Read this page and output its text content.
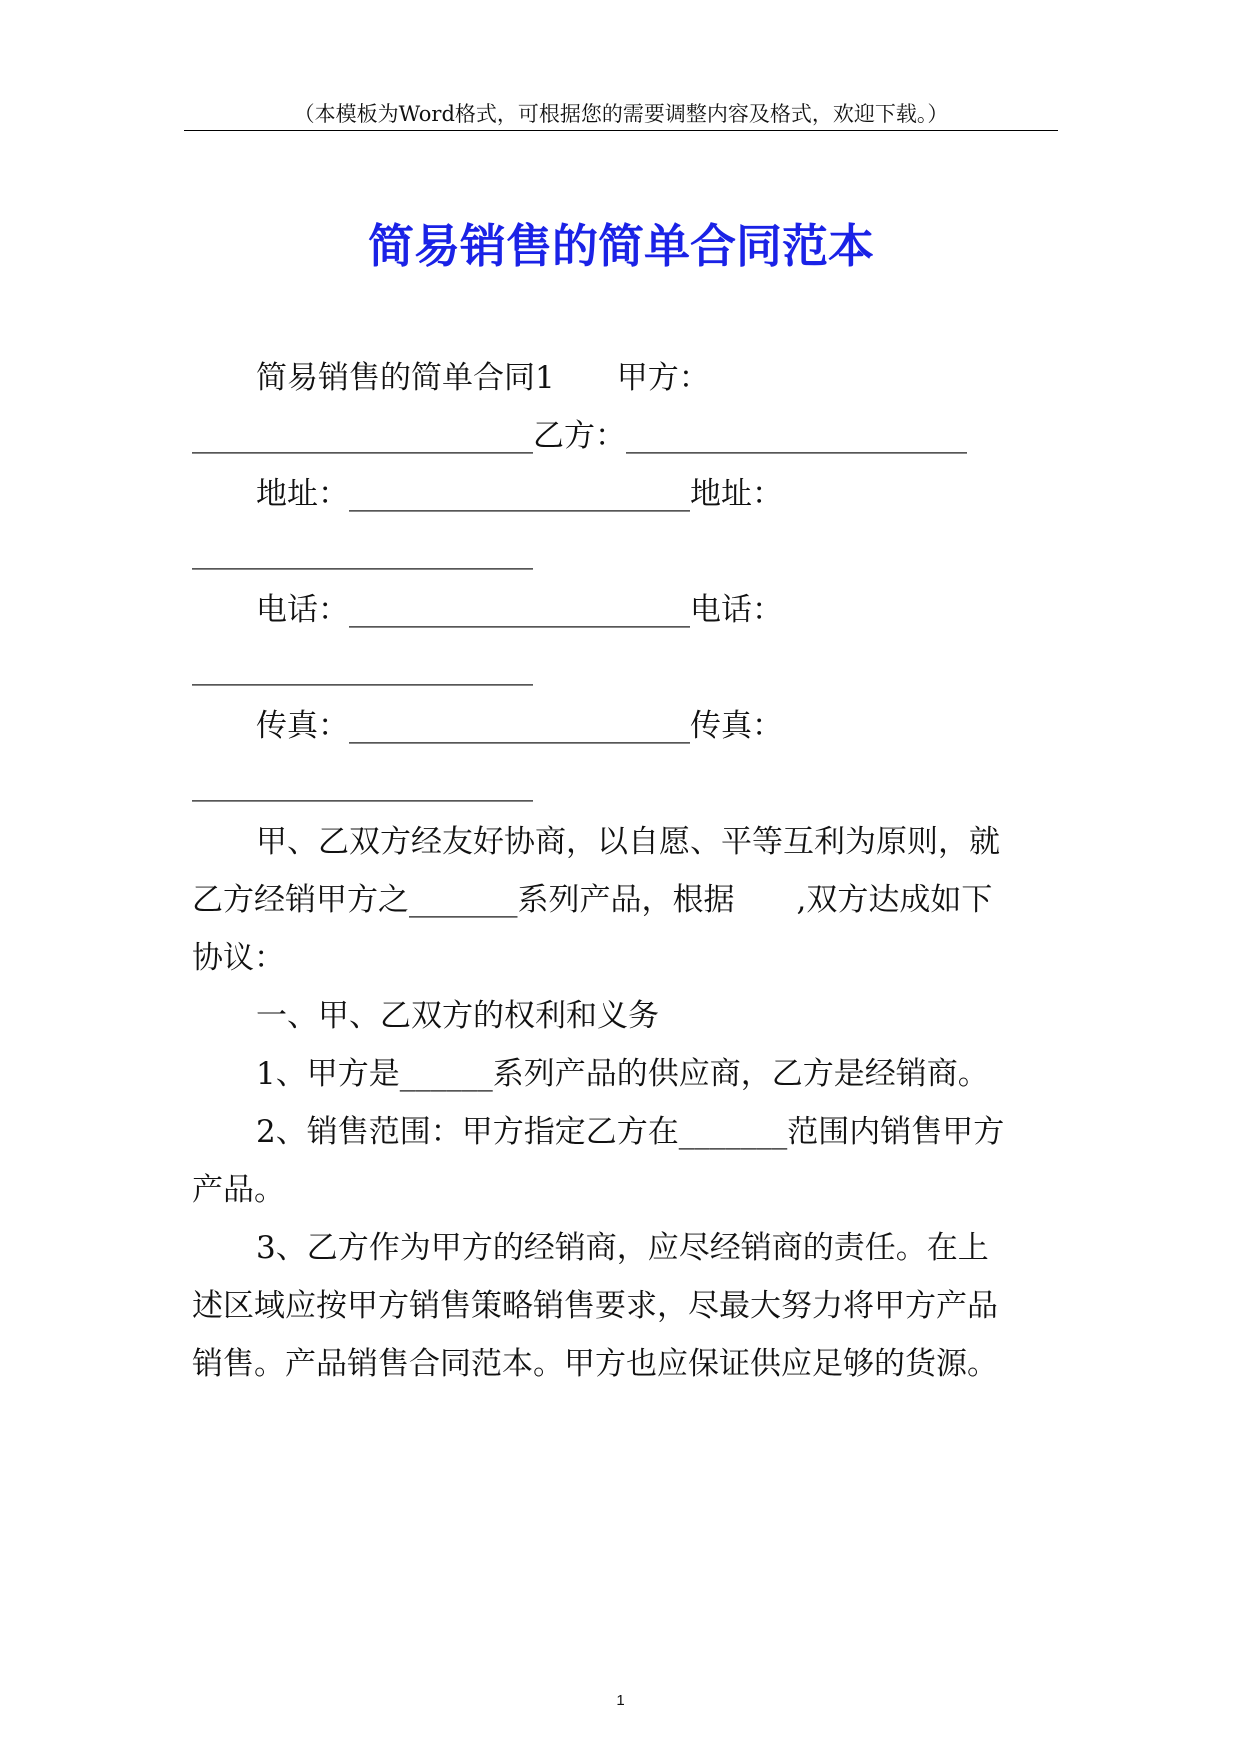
（本模板为Word格式，可根据您的需要调整内容及格式，欢迎下载。）
简易销售的简单合同范本
简易销售的简单合同1　　甲方：
______________________乙方：______________________
地址：______________________地址：
______________________
电话：______________________电话：
______________________
传真：______________________传真：
______________________
甲、乙双方经友好协商，以自愿、平等互利为原则，就
乙方经销甲方之_______系列产品，根据　　,双方达成如下
协议：
一、甲、乙双方的权利和义务
1、甲方是______系列产品的供应商，乙方是经销商。
2、销售范围：甲方指定乙方在_______范围内销售甲方
产品。
3、乙方作为甲方的经销商，应尽经销商的责任。在上
述区域应按甲方销售策略销售要求，尽最大努力将甲方产品
销售。产品销售合同范本。甲方也应保证供应足够的货源。
1
